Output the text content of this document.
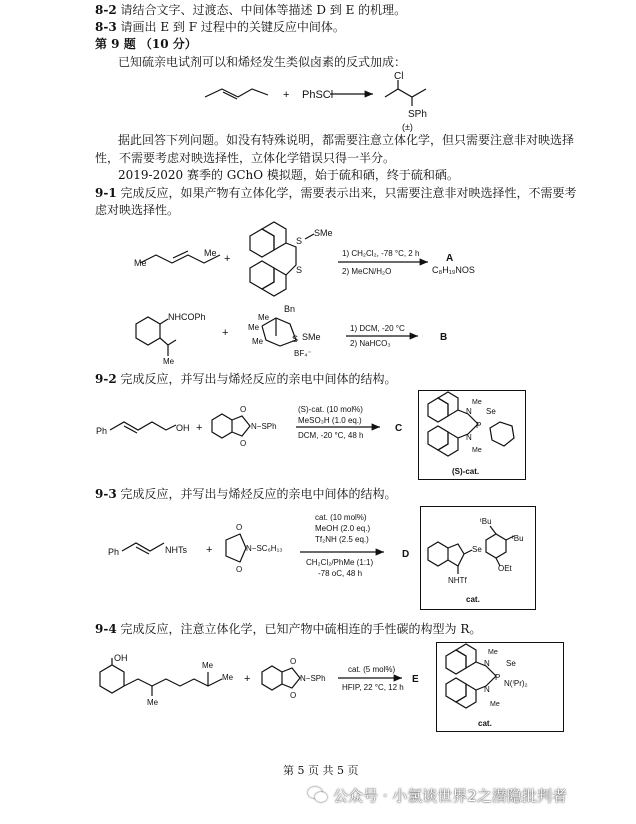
8-2 请结合文字、过渡态、中间体等描述 D 到 E 的机理。
8-3 请画出 E 到 F 过程中的关键反应中间体。
第 9 题 （10 分）
已知硫亲电试剂可以和烯烃发生类似卤素的反式加成：
据此回答下列问题。如没有特殊说明，都需要注意立体化学，但只需要注意非对映选择
性，不需要考虑对映选择性，立体化学错误只得一半分。
2019-2020 赛季的 GChO 模拟题，始于硫和硒，终于硫和硒。
9-1 完成反应，如果产物有立体化学，需要表示出来，只需要注意非对映选择性，不需要考
虑对映选择性。
9-2 完成反应，并写出与烯烃反应的亲电中间体的结构。
9-3 完成反应，并写出与烯烃反应的亲电中间体的结构。
9-4 完成反应，注意立体化学，已知产物中硫相连的手性碳的构型为 R。
第 5 页 共 5 页
+ PhSCl
Cl
SPh
(±)
Me
Me +
S
S
SMe
1) CH₂Cl₂, -78 °C, 2 h
2) MeCN/H₂O
A
C₈H₁₉NOS
NHCOPh
Me
+
Bn
Me
Me
Me	S SMe
BF₄⁻
1) DCM, -20 °C
2) NaHCO₃
B
Ph	OH +
O
O
N−SPh
(S)-cat. (10 mol%)
MeSO₃H (1.0 eq.)
DCM, -20 °C, 48 h
C
N
N
P
Se
Me
Me
(S)-cat.
Ph	NHTs +
O
O
N−SC₆H₁₃
cat. (10 mol%)
MeOH (2.0 eq.)
Tf₂NH (2.5 eq.)
CH₂Cl₂/PhMe (1:1)
-78 oC, 48 h
D	Se
ᵗBu
ᵗBu
OEt
NHTf
cat.
OH
Me
Me
Me +
O
O
N−SPh
cat. (5 mol%)
HFIP, 22 °C, 12 h
E
N
N
P
Se
Me
Me
N(ⁱPr)₂
cat.
公众号 · 小氯谈世界2之潜隐批判者
